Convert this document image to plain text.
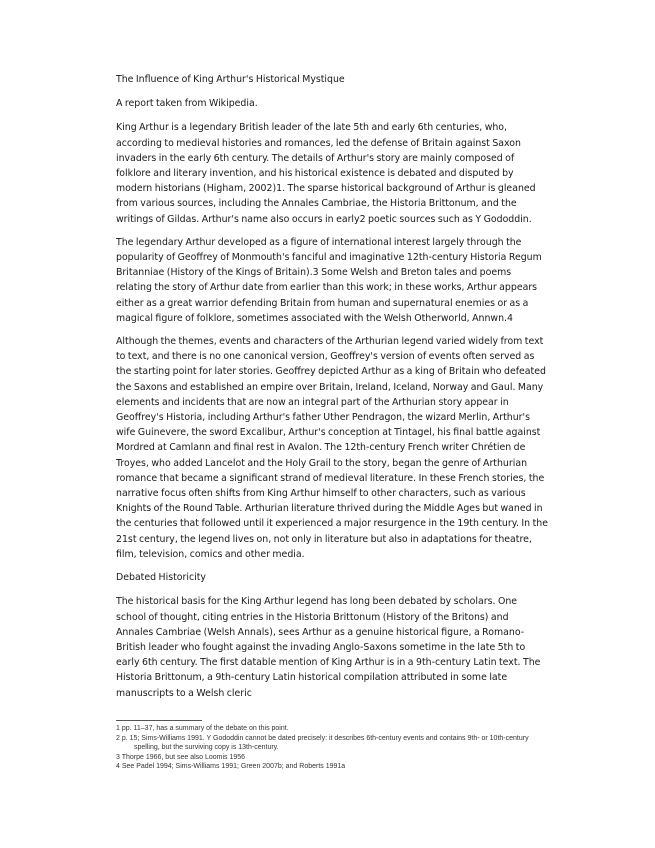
The Influence of King Arthur's Historical Mystique

A report taken from Wikipedia.

King Arthur is a legendary British leader of the late 5th and early 6th centuries, who, according to medieval histories and romances, led the defense of Britain against Saxon invaders in the early 6th century. The details of Arthur's story are mainly composed of folklore and literary invention, and his historical existence is debated and disputed by modern historians (Higham, 2002)1. The sparse historical background of Arthur is gleaned from various sources, including the Annales Cambriae, the Historia Brittonum, and the writings of Gildas. Arthur's name also occurs in early2 poetic sources such as Y Gododdin.

The legendary Arthur developed as a figure of international interest largely through the popularity of Geoffrey of Monmouth's fanciful and imaginative 12th-century Historia Regum Britanniae (History of the Kings of Britain).3 Some Welsh and Breton tales and poems relating the story of Arthur date from earlier than this work; in these works, Arthur appears either as a great warrior defending Britain from human and supernatural enemies or as a magical figure of folklore, sometimes associated with the Welsh Otherworld, Annwn.4

Although the themes, events and characters of the Arthurian legend varied widely from text to text, and there is no one canonical version, Geoffrey's version of events often served as the starting point for later stories. Geoffrey depicted Arthur as a king of Britain who defeated the Saxons and established an empire over Britain, Ireland, Iceland, Norway and Gaul. Many elements and incidents that are now an integral part of the Arthurian story appear in Geoffrey's Historia, including Arthur's father Uther Pendragon, the wizard Merlin, Arthur's wife Guinevere, the sword Excalibur, Arthur's conception at Tintagel, his final battle against Mordred at Camlann and final rest in Avalon. The 12th-century French writer Chrétien de Troyes, who added Lancelot and the Holy Grail to the story, began the genre of Arthurian romance that became a significant strand of medieval literature. In these French stories, the narrative focus often shifts from King Arthur himself to other characters, such as various Knights of the Round Table. Arthurian literature thrived during the Middle Ages but waned in the centuries that followed until it experienced a major resurgence in the 19th century. In the 21st century, the legend lives on, not only in literature but also in adaptations for theatre, film, television, comics and other media.

Debated Historicity

The historical basis for the King Arthur legend has long been debated by scholars. One school of thought, citing entries in the Historia Brittonum (History of the Britons) and Annales Cambriae (Welsh Annals), sees Arthur as a genuine historical figure, a Romano-British leader who fought against the invading Anglo-Saxons sometime in the late 5th to early 6th century. The first datable mention of King Arthur is in a 9th-century Latin text. The Historia Brittonum, a 9th-century Latin historical compilation attributed in some late manuscripts to a Welsh cleric

1 pp. 11–37, has a summary of the debate on this point.

2 p. 15; Sims-Williams 1991. Y Gododdin cannot be dated precisely: it describes 6th-century events and contains 9th- or 10th-century

spelling, but the surviving copy is 13th-century.

3 Thorpe 1966, but see also Loomis 1956

4 See Padel 1994; Sims-Williams 1991; Green 2007b; and Roberts 1991a
